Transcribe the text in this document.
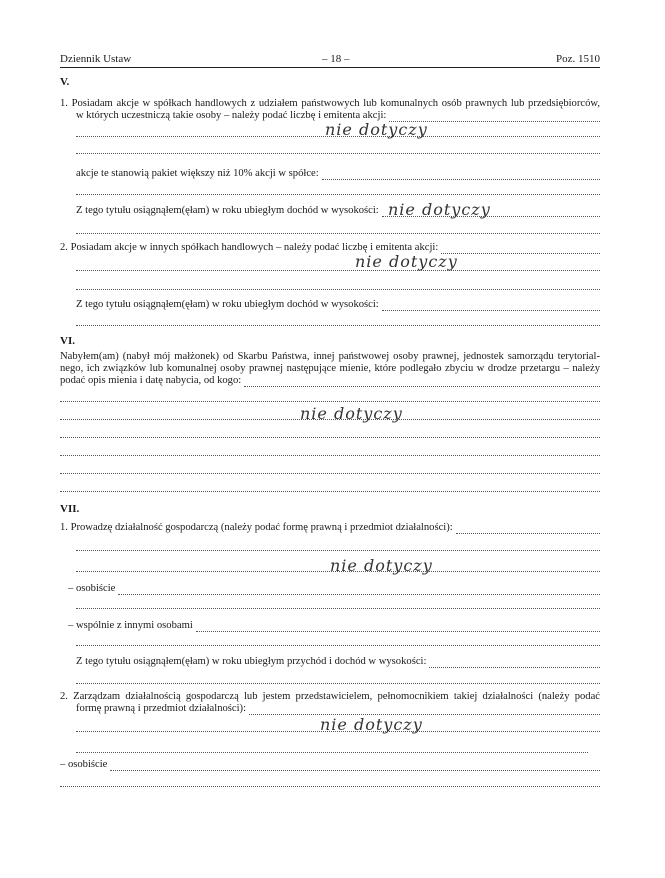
Dziennik Ustaw	– 18 –	Poz. 1510
V.
1. Posiadam akcje w spółkach handlowych z udziałem państwowych lub komunalnych osób prawnych lub przedsiębiorców,
w których uczestniczą takie osoby – należy podać liczbę i emitenta akcji:
nie dotyczy
akcje te stanowią pakiet większy niż 10% akcji w spółce:
Z tego tytułu osiągnąłem(ęłam) w roku ubiegłym dochód w wysokości: nie dotyczy
2. Posiadam akcje w innych spółkach handlowych – należy podać liczbę i emitenta akcji:
nie dotyczy
Z tego tytułu osiągnąłem(ęłam) w roku ubiegłym dochód w wysokości:
VI.
Nabyłem(am) (nabył mój małżonek) od Skarbu Państwa, innej państwowej osoby prawnej, jednostek samorządu terytorial-
nego, ich związków lub komunalnej osoby prawnej następujące mienie, które podlegało zbyciu w drodze przetargu – należy
podać opis mienia i datę nabycia, od kogo:
nie dotyczy
VII.
1. Prowadzę działalność gospodarczą (należy podać formę prawną i przedmiot działalności):
nie dotyczy
– osobiście
– wspólnie z innymi osobami
Z tego tytułu osiągnąłem(ęłam) w roku ubiegłym przychód i dochód w wysokości:
2. Zarządzam działalnością gospodarczą lub jestem przedstawicielem, pełnomocnikiem takiej działalności (należy podać
formę prawną i przedmiot działalności):
nie dotyczy
– osobiście
